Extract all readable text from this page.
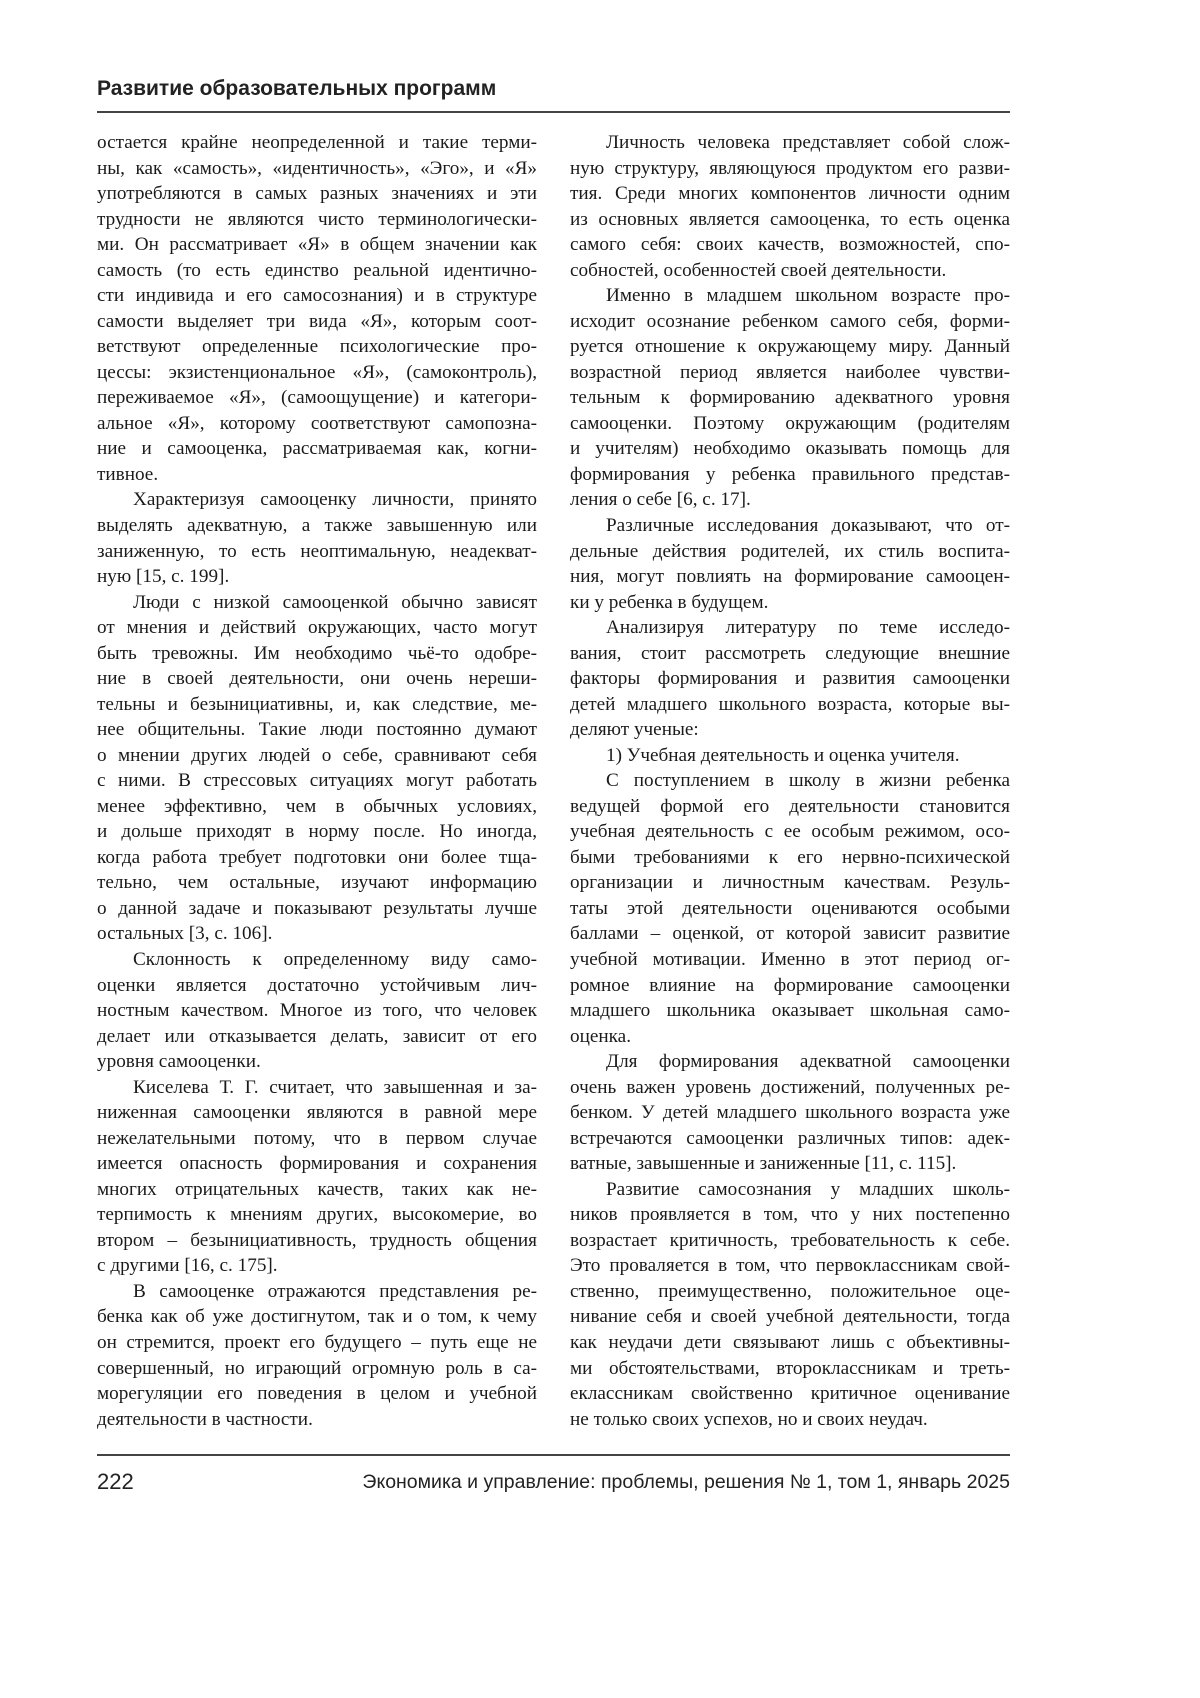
Развитие образовательных программ
остается крайне неопределенной и такие терми-
ны, как «самость», «идентичность», «Эго», и «Я»
употребляются в самых разных значениях и эти
трудности не являются чисто терминологически-
ми. Он рассматривает «Я» в общем значении как
самость (то есть единство реальной идентично-
сти индивида и его самосознания) и в структуре
самости выделяет три вида «Я», которым соот-
ветствуют определенные психологические про-
цессы: экзистенциональное «Я», (самоконтроль),
переживаемое «Я», (самоощущение) и категори-
альное «Я», которому соответствуют самопозна-
ние и самооценка, рассматриваемая как, когни-
тивное.
Характеризуя самооценку личности, принято
выделять адекватную, а также завышенную или
заниженную, то есть неоптимальную, неадекват-
ную [15, с. 199].
Люди с низкой самооценкой обычно зависят
от мнения и действий окружающих, часто могут
быть тревожны. Им необходимо чьё-то одобре-
ние в своей деятельности, они очень нереши-
тельны и безынициативны, и, как следствие, ме-
нее общительны. Такие люди постоянно думают
о мнении других людей о себе, сравнивают себя
с ними. В стрессовых ситуациях могут работать
менее эффективно, чем в обычных условиях,
и дольше приходят в норму после. Но иногда,
когда работа требует подготовки они более тща-
тельно, чем остальные, изучают информацию
о данной задаче и показывают результаты лучше
остальных [3, с. 106].
Склонность к определенному виду само-
оценки является достаточно устойчивым лич-
ностным качеством. Многое из того, что человек
делает или отказывается делать, зависит от его
уровня самооценки.
Киселева Т. Г. считает, что завышенная и за-
ниженная самооценки являются в равной мере
нежелательными потому, что в первом случае
имеется опасность формирования и сохранения
многих отрицательных качеств, таких как не-
терпимость к мнениям других, высокомерие, во
втором – безынициативность, трудность общения
с другими [16, с. 175].
В самооценке отражаются представления ре-
бенка как об уже достигнутом, так и о том, к чему
он стремится, проект его будущего – путь еще не
совершенный, но играющий огромную роль в са-
морегуляции его поведения в целом и учебной
деятельности в частности.
Личность человека представляет собой слож-
ную структуру, являющуюся продуктом его разви-
тия. Среди многих компонентов личности одним
из основных является самооценка, то есть оценка
самого себя: своих качеств, возможностей, спо-
собностей, особенностей своей деятельности.
Именно в младшем школьном возрасте про-
исходит осознание ребенком самого себя, форми-
руется отношение к окружающему миру. Данный
возрастной период является наиболее чувстви-
тельным к формированию адекватного уровня
самооценки. Поэтому окружающим (родителям
и учителям) необходимо оказывать помощь для
формирования у ребенка правильного представ-
ления о себе [6, с. 17].
Различные исследования доказывают, что от-
дельные действия родителей, их стиль воспита-
ния, могут повлиять на формирование самооцен-
ки у ребенка в будущем.
Анализируя литературу по теме исследо-
вания, стоит рассмотреть следующие внешние
факторы формирования и развития самооценки
детей младшего школьного возраста, которые вы-
деляют ученые:
1) Учебная деятельность и оценка учителя.
С поступлением в школу в жизни ребенка
ведущей формой его деятельности становится
учебная деятельность с ее особым режимом, осо-
быми требованиями к его нервно-психической
организации и личностным качествам. Резуль-
таты этой деятельности оцениваются особыми
баллами – оценкой, от которой зависит развитие
учебной мотивации. Именно в этот период ог-
ромное влияние на формирование самооценки
младшего школьника оказывает школьная само-
оценка.
Для формирования адекватной самооценки
очень важен уровень достижений, полученных ре-
бенком. У детей младшего школьного возраста уже
встречаются самооценки различных типов: адек-
ватные, завышенные и заниженные [11, с. 115].
Развитие самосознания у младших школь-
ников проявляется в том, что у них постепенно
возрастает критичность, требовательность к себе.
Это проваляется в том, что первоклассникам свой-
ственно, преимущественно, положительное оце-
нивание себя и своей учебной деятельности, тогда
как неудачи дети связывают лишь с объективны-
ми обстоятельствами, второклассникам и треть-
еклассникам свойственно критичное оценивание
не только своих успехов, но и своих неудач.
222	Экономика и управление: проблемы, решения № 1, том 1, январь 2025
